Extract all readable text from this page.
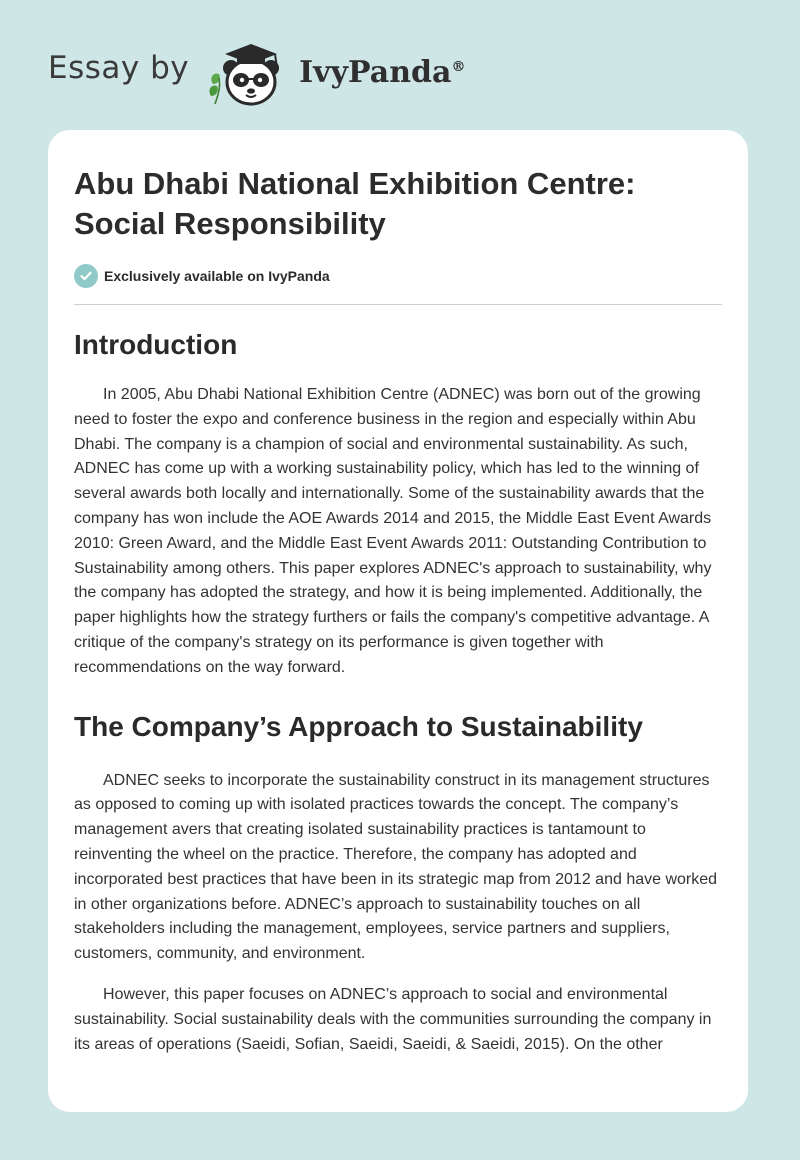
Essay by	IvyPanda®
Abu Dhabi National Exhibition Centre: Social Responsibility
Exclusively available on IvyPanda
Introduction

In 2005, Abu Dhabi National Exhibition Centre (ADNEC) was born out of the growing need to foster the expo and conference business in the region and especially within Abu Dhabi. The company is a champion of social and environmental sustainability. As such, ADNEC has come up with a working sustainability policy, which has led to the winning of several awards both locally and internationally. Some of the sustainability awards that the company has won include the AOE Awards 2014 and 2015, the Middle East Event Awards 2010: Green Award, and the Middle East Event Awards 2011: Outstanding Contribution to Sustainability among others. This paper explores ADNEC's approach to sustainability, why the company has adopted the strategy, and how it is being implemented. Additionally, the paper highlights how the strategy furthers or fails the company's competitive advantage. A critique of the company's strategy on its performance is given together with recommendations on the way forward.

The Company’s Approach to Sustainability

ADNEC seeks to incorporate the sustainability construct in its management structures as opposed to coming up with isolated practices towards the concept. The company’s management avers that creating isolated sustainability practices is tantamount to reinventing the wheel on the practice. Therefore, the company has adopted and incorporated best practices that have been in its strategic map from 2012 and have worked in other organizations before. ADNEC’s approach to sustainability touches on all stakeholders including the management, employees, service partners and suppliers, customers, community, and environment.

However, this paper focuses on ADNEC’s approach to social and environmental sustainability. Social sustainability deals with the communities surrounding the company in its areas of operations (Saeidi, Sofian, Saeidi, Saeidi, & Saeidi, 2015). On the other
